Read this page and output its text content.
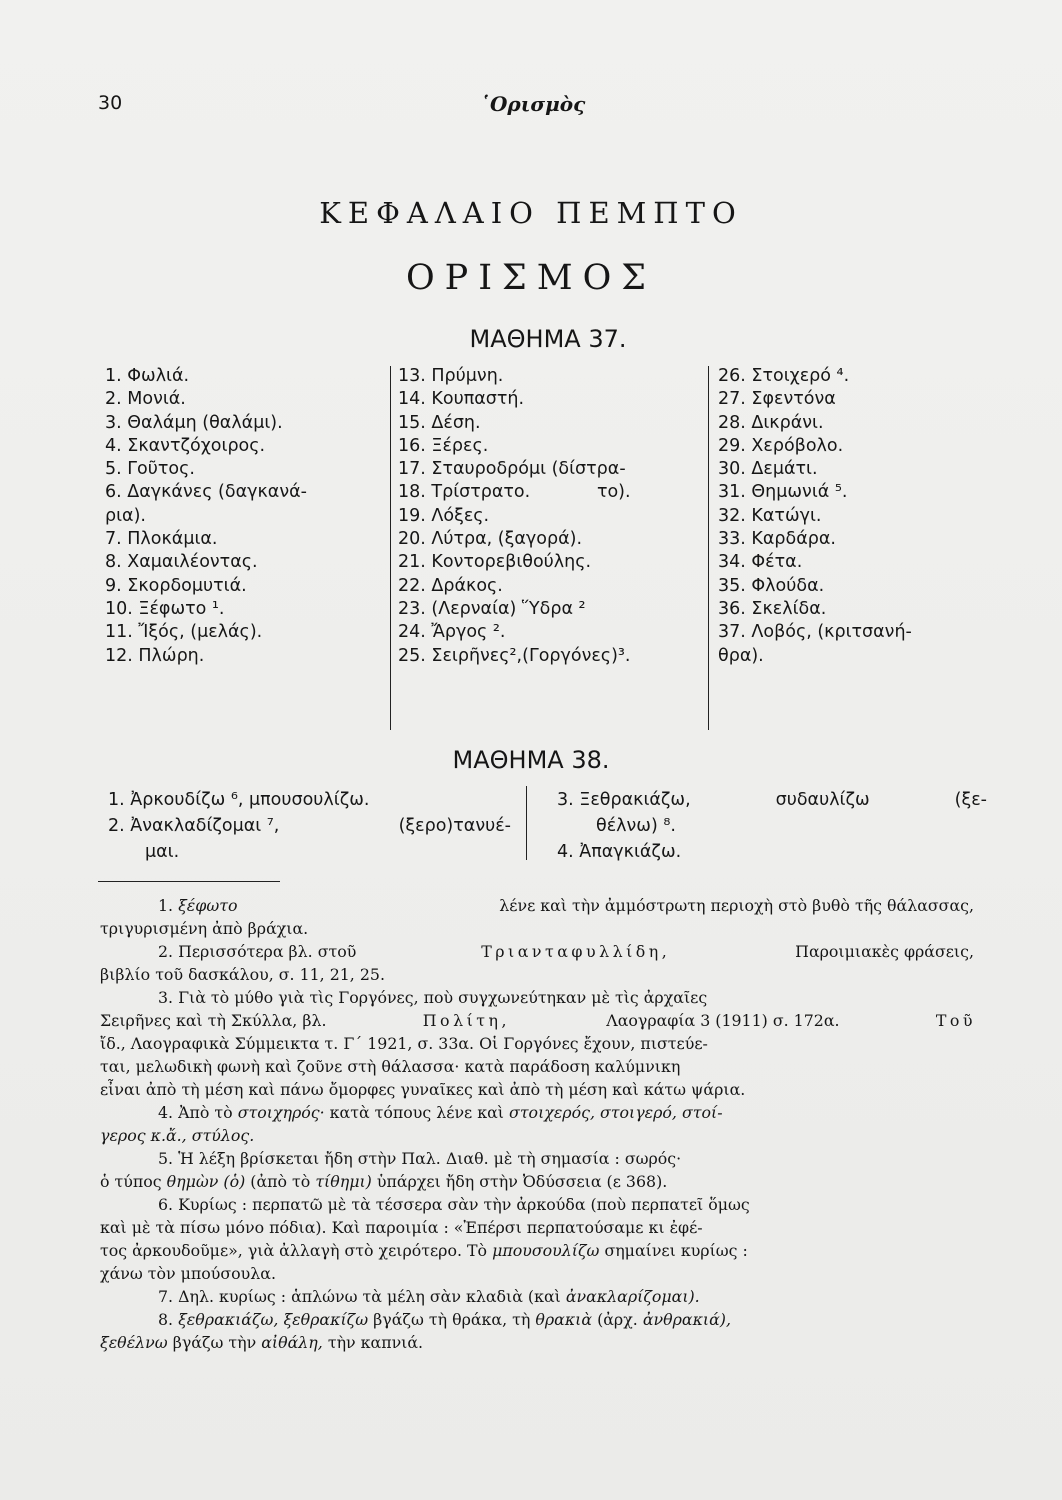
30	῾Ορισμὸς
ΚΕΦΑΛΑΙΟ ΠΕΜΠΤΟ
ΟΡΙΣΜΟΣ
ΜΑΘΗΜΑ 37.
1. Φωλιά.
2. Μονιά.
3. Θαλάμη (θαλάμι).
4. Σκαντζόχοιρος.
5. Γοῦτος.
6. Δαγκάνες (δαγκανά-
ρια).
7. Πλοκάμια.
8. Χαμαιλέοντας.
9. Σκορδομυτιά.
10. Ξέφωτο ¹.
11. Ἴξός, (μελάς).
12. Πλώρη.
13. Πρύμνη.
14. Κουπαστή.
15. Δέση.
16. Ξέρες.
17. Σταυροδρόμι (δίστρα-
18. Τρίστρατο.            το).
19. Λόξες.
20. Λύτρα, (ξαγορά).
21. Κοντορεβιθούλης.
22. Δράκος.
23. (Λερναία) Ὕδρα ²
24. Ἄργος ².
25. Σειρῆνες²,(Γοργόνες)³.
26. Στοιχερό ⁴.
27. Σφεντόνα
28. Δικράνι.
29. Χερόβολο.
30. Δεμάτι.
31. Θημωνιά ⁵.
32. Κατώγι.
33. Καρδάρα.
34. Φέτα.
35. Φλούδα.
36. Σκελίδα.
37. Λοβός, (κριτσανή-
θρα).
ΜΑΘΗΜΑ 38.
1. Ἀρκουδίζω ⁶, μπουσουλίζω.
2. Ἀνακλαδίζομαι ⁷,	(ξερο)τανυέ-
μαι.
3. Ξεθρακιάζω,	συδαυλίζω	(ξε-
θέλνω) ⁸.
4. Ἀπαγκιάζω.
1. ξέφωτο	λένε καὶ τὴν ἀμμόστρωτη περιοχὴ στὸ βυθὸ τῆς θάλασσας,
τριγυρισμένη ἀπὸ βράχια.
2. Περισσότερα βλ. στοῦ	Τριανταφυλλίδη,	Παροιμιακὲς φράσεις,
βιβλίο τοῦ δασκάλου, σ. 11, 21, 25.
3. Γιὰ τὸ μύθο γιὰ τὶς Γοργόνες, ποὺ συγχωνεύτηκαν μὲ τὶς ἀρχαῖες
Σειρῆνες καὶ τὴ Σκύλλα, βλ.	Πολίτη,	Λαογραφία 3 (1911) σ. 172α.	Τοῦ
ἴδ., Λαογραφικὰ Σύμμεικτα τ. Γ΄ 1921, σ. 33α. Οἱ Γοργόνες ἔχουν, πιστεύε-
ται, μελωδικὴ φωνὴ καὶ ζοῦνε στὴ θάλασσα· κατὰ παράδοση καλύμνικη
εἶναι ἀπὸ τὴ μέση καὶ πάνω ὄμορφες γυναῖκες καὶ ἀπὸ τὴ μέση καὶ κάτω ψάρια.
4. Ἀπὸ τὸ στοιχηρός· κατὰ τόπους λένε καὶ στοιχερός, στοιγερό, στοί-
γερος κ.ἄ., στύλος.
5. Ἡ λέξη βρίσκεται ἤδη στὴν Παλ. Διαθ. μὲ τὴ σημασία : σωρός·
ὁ τύπος θημὼν (ὁ) (ἀπὸ τὸ τίθημι) ὑπάρχει ἤδη στὴν Ὀδύσσεια (ε 368).
6. Κυρίως : περπατῶ μὲ τὰ τέσσερα σὰν τὴν ἀρκούδα (ποὺ περπατεῖ ὅμως
καὶ μὲ τὰ πίσω μόνο πόδια). Καὶ παροιμία : «Ἐπέρσι περπατούσαμε κι ἐφέ-
τος ἀρκουδοῦμε», γιὰ ἀλλαγὴ στὸ χειρότερο. Τὸ μπουσουλίζω σημαίνει κυρίως :
χάνω τὸν μπούσουλα.
7. Δηλ. κυρίως : ἁπλώνω τὰ μέλη σὰν κλαδιὰ (καὶ ἀνακλαρίζομαι).
8. ξεθρακιάζω, ξεθρακίζω βγάζω τὴ θράκα, τὴ θρακιὰ (ἀρχ. ἀνθρακιά),
ξεθέλνω βγάζω τὴν αἰθάλη, τὴν καπνιά.
